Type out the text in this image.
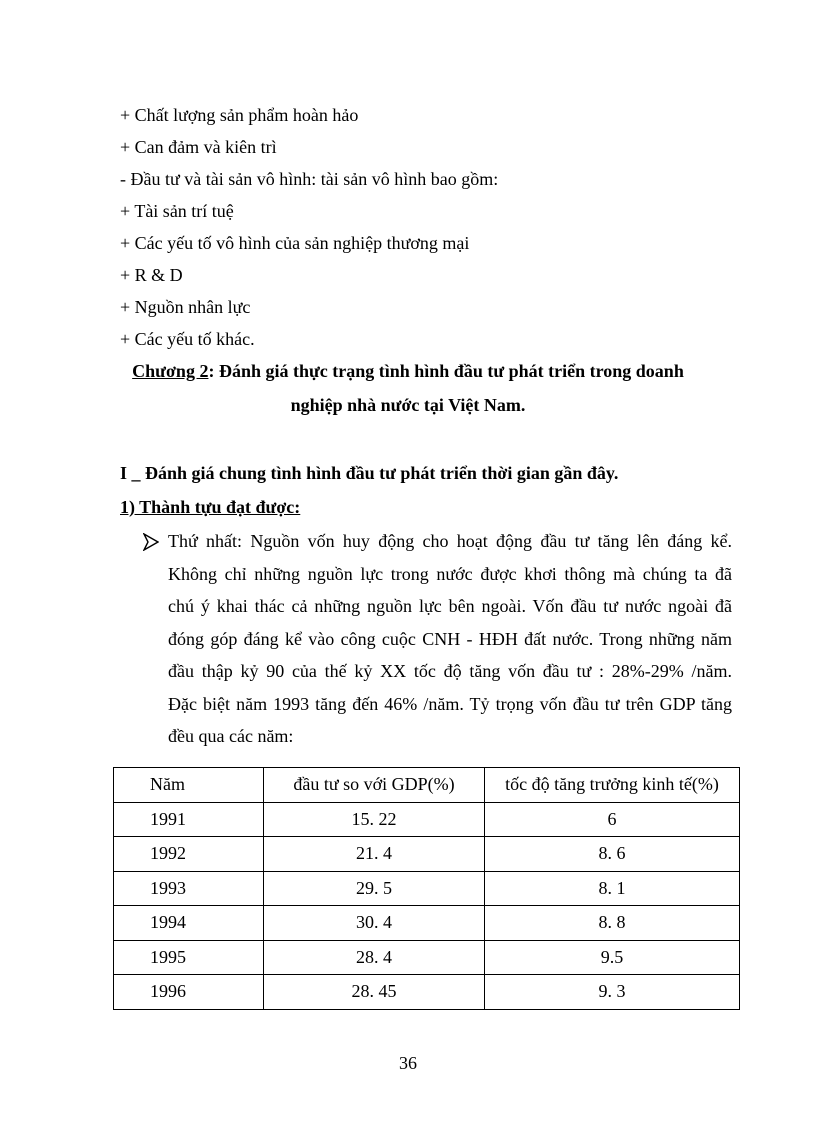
+ Chất lượng sản phẩm hoàn hảo
+ Can đảm và kiên trì
- Đầu tư và tài sản vô hình: tài sản vô hình bao gồm:
+ Tài sản trí tuệ
+ Các yếu tố vô hình của sản nghiệp thương mại
+ R & D
+ Nguồn nhân lực
+ Các yếu tố khác.
Chương 2: Đánh giá thực trạng tình hình đầu tư phát triển trong doanh
nghiệp nhà nước tại Việt Nam.
I _ Đánh giá chung tình hình đầu tư phát triển thời gian gần đây.
1) Thành tựu đạt được:
Thứ nhất: Nguồn vốn huy động cho hoạt động đầu tư tăng lên đáng kể.
Không chỉ những nguồn lực trong nước được khơi thông mà chúng ta đã
chú ý khai thác cả những nguồn lực bên ngoài. Vốn đầu tư nước ngoài đã
đóng góp đáng kể vào công cuộc CNH - HĐH đất nước. Trong những năm
đầu thập kỷ 90 của thế kỷ XX tốc độ tăng vốn đầu tư : 28%-29% /năm.
Đặc biệt năm 1993 tăng đến 46% /năm. Tỷ trọng vốn đầu tư trên GDP tăng
đều qua các năm:
Năm	đầu tư so với GDP(%)	tốc độ tăng trưởng kinh tế(%)
1991	15. 22	6
1992	21. 4	8. 6
1993	29. 5	8. 1
1994	30. 4	8. 8
1995	28. 4	9.5
1996	28. 45	9. 3
36
